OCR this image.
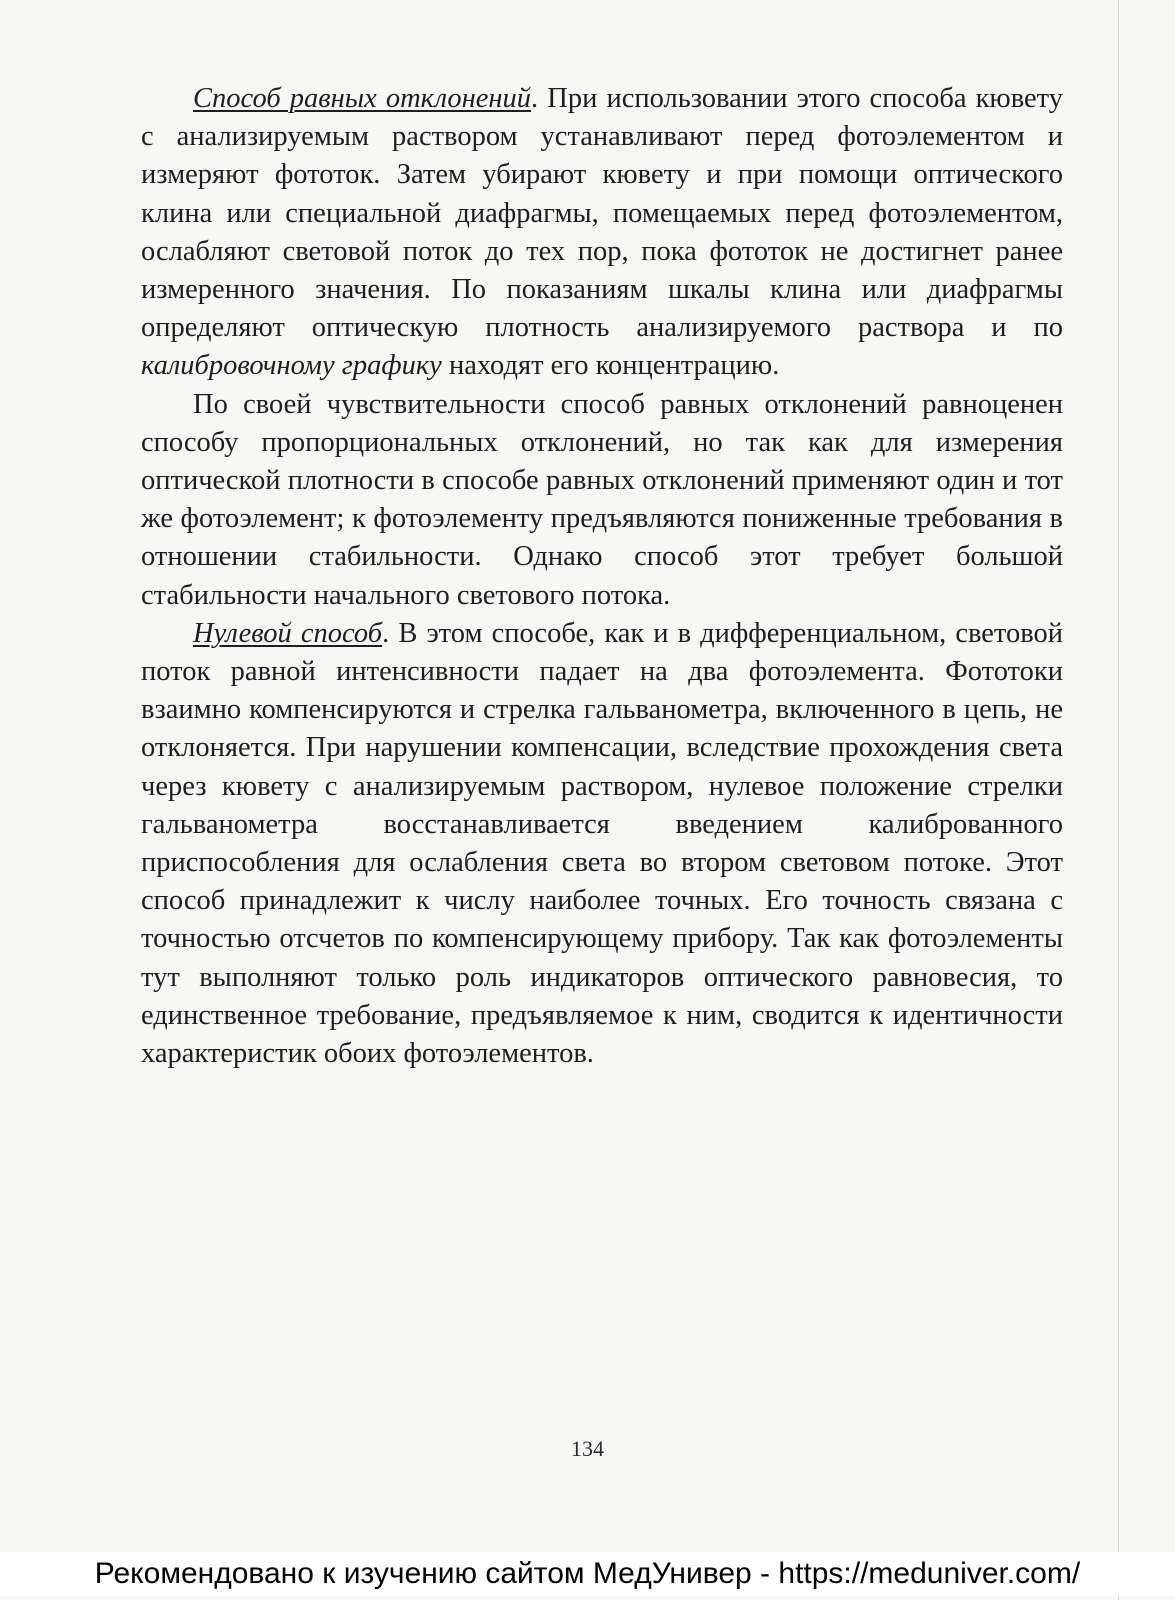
Способ равных отклонений. При использовании этого способа кювету с анализируемым раствором устанавливают перед фотоэлементом и измеряют фототок. Затем убирают кювету и при помощи оптического клина или специальной диафрагмы, помещаемых перед фотоэлементом, ослабляют световой поток до тех пор, пока фототок не достигнет ранее измеренного значения. По показаниям шкалы клина или диафрагмы определяют оптическую плотность анализируемого раствора и по калибровочному графику находят его концентрацию.

По своей чувствительности способ равных отклонений равноценен способу пропорциональных отклонений, но так как для измерения оптической плотности в способе равных отклонений применяют один и тот же фотоэлемент; к фотоэлементу предъявляются пониженные требования в отношении стабильности. Однако способ этот требует большой стабильности начального светового потока.

Нулевой способ. В этом способе, как и в дифференциальном, световой поток равной интенсивности падает на два фотоэлемента. Фототоки взаимно компенсируются и стрелка гальванометра, включенного в цепь, не отклоняется. При нарушении компенсации, вследствие прохождения света через кювету с анализируемым раствором, нулевое положение стрелки гальванометра восстанавливается введением калиброванного приспособления для ослабления света во втором световом потоке. Этот способ принадлежит к числу наиболее точных. Его точность связана с точностью отсчетов по компенсирующему прибору. Так как фотоэлементы тут выполняют только роль индикаторов оптического равновесия, то единственное требование, предъявляемое к ним, сводится к идентичности характеристик обоих фотоэлементов.

134
Рекомендовано к изучению сайтом МедУнивер - https://meduniver.com/
